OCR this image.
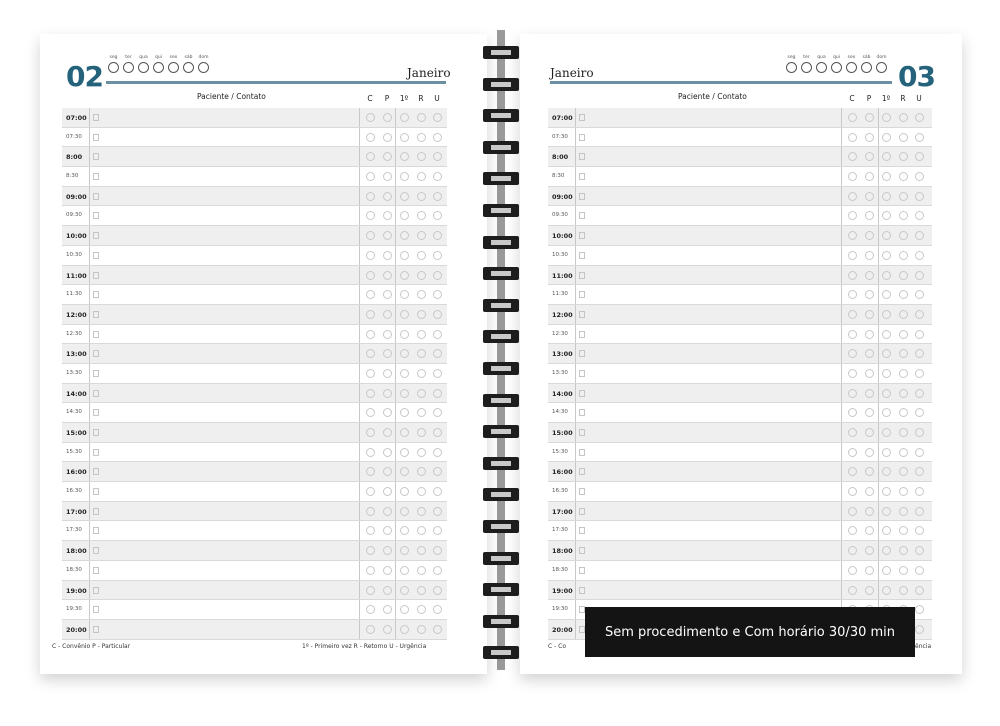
02
seg ter qua qui sex sáb dom
Janeiro
Paciente / Contato	C	P	1º	R	U
07:00
07:30
8:00
8:30
09:00
09:30
10:00
10:30
11:00
11:30
12:00
12:30
13:00
13:30
14:00
14:30
15:00
15:30
16:00
16:30
17:00
17:30
18:00
18:30
19:00
19:30
20:00
C - Convênio P - Particular	1º - Primeiro vez R - Retorno U - Urgência
Janeiro
seg ter qua qui sex sáb dom
03
Paciente / Contato	C	P	1º	R	U
07:00
07:30
8:00
8:30
09:00
09:30
10:00
10:30
11:00
11:30
12:00
12:30
13:00
13:30
14:00
14:30
15:00
15:30
16:00
16:30
17:00
17:30
18:00
18:30
19:00
19:30
20:00
C - Co	ência
Sem procedimento e Com horário 30/30 min
